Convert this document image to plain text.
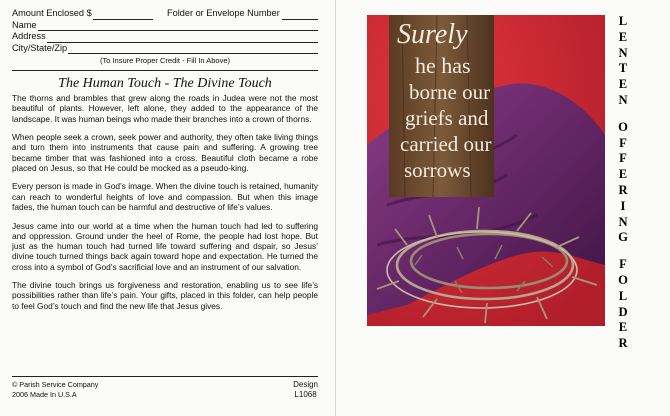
Amount Enclosed $	Folder or Envelope Number
Name
Address
City/State/Zip
(To Insure Proper Credit - Fill In Above)
The Human Touch - The Divine Touch

The thorns and brambles that grew along the roads in Judea were not the most beautiful of plants. However, left alone, they added to the appearance of the landscape. It was human beings who made their branches into a crown of thorns.

When people seek a crown, seek power and authority, they often take living things and turn them into instruments that cause pain and suffering. A growing tree became timber that was fashioned into a cross. Beautiful cloth became a robe placed on Jesus, so that He could be mocked as a pseudo-king.

Every person is made in God’s image. When the divine touch is retained, humanity can reach to wonderful heights of love and compassion. But when this image fades, the human touch can be harmful and destructive of life’s values.

Jesus came into our world at a time when the human touch had led to suffering and oppression. Ground under the heel of Rome, the people had lost hope. But just as the human touch had turned life toward suffering and dspair, so Jesus’ divine touch turned things back again toward hope and expectation. He turned the cross into a symbol of God’s sacrificial love and an instrument of our salvation.

The divine touch brings us forgiveness and restoration, enabling us to see life’s possibilities rather than life’s pain. Your gifts, placed in this folder, can help people to feel God’s touch and find the new life that Jesus gives.

© Parish Service Company
2006 Made In U.S.A
Design
L1068
Surely
he has
borne our
griefs and
carried our
sorrows
L
E
N
T
E
N
O
F
F
E
R
I
N
G
F
O
L
D
E
R
